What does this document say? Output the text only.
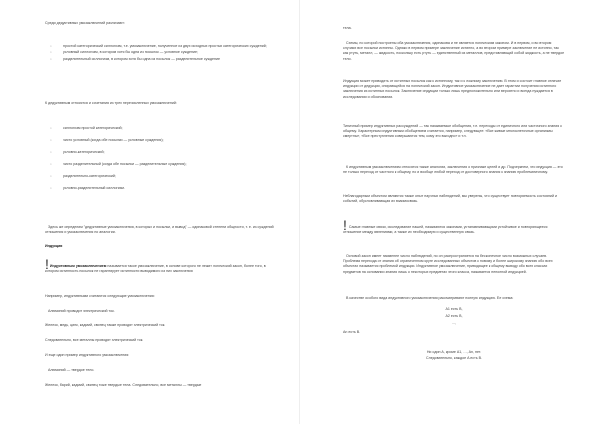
Среди дедуктивных умозаключений различают:

○ простой категорический силлогизм, т.е. умозаключение, полученное из двух исходных простых категорических суждений;
○ условный силлогизм, в котором хотя бы одна из посылок — условное суждение;
○ разделительный силлогизм, в котором хотя бы одна из посылок — разделительное суждение

К дедуктивным относятся и сочетания из трех перечисленных умозаключений:

○ силлогизм простой категорический;
○ чисто условный (когда обе посылки — условные суждения);
○ условно-категорический;
○ чисто разделительный (когда обе посылки — разделительные суждения);
○ разделительно-категорический;
○ условно-разделительный силлогизм.

Здесь же определим "дедуктивные умозаключения, в которых и посылки, и вывод" — одинаковой степени общности, т. е. из суждений отношения и умозаключения по аналогии.

Индукция

!Индуктивным умозаключением называется такое умозаключение, в основе которого не лежит логический закон, более того, в котором истинность посылок не гарантирует истинности выводимого из них заключения

Например, индуктивными считаются следующие умозаключения:

Алюминий проводит электрический ток.

Железо, медь, цинк, кадмий, свинец также проводят электрический ток.

Следовательно, все металлы проводят электрический ток.

И еще один пример индуктивного умозаключения:

Алюминий — твердое тело.

Железо, барий, кадмий, свинец тоже твердые тела. Следовательно, все металлы — твердые

тела.

Схемы, по которой построены оба умозаключения, одинакова и не является логическим законом. И в первом, и во втором случаях все посылки истинны. Однако в первом примере заключение истинно, а во втором примере заключение не истинно, так как ртуть, металл, — жидкость, поскольку есть ртуть — единственный из металлов, представляющий собой жидкость, а не твердое тело.

Индукция может приводить от истинных посылок как к истинному, так и к ложному заключению. В этом и состоит главное отличие индукции от дедукции, опирающейся на логический закон. Индуктивное умозаключение не дает гарантии получения истинного заключения из истинных посылок. Заключение индукции только лишь предположительно или вероятно и всегда нуждается в исследовании и обосновании.

Типичный пример индуктивных рассуждений — так называемые обобщения, т.е. переходы от единичного или частичного знания к общему. Характерным индуктивным обобщением считается, например, следующее: «Все живые многоклеточные организмы смертны», «Все преступления совершаются тем, кому это выгодно» и т.п.

К индуктивным умозаключениям относятся также аналогии, заключения о признаке целей и др. Подчеркнем, что индукция — это не только переход от частного к общему, но и вообще любой переход от достоверного знания к знанию проблематичному.

Неблагодарным объектом являются также опыт научных наблюдений, мы уверены, что существует повторяемость состояний и событий, обусловливающая их взаимосвязь.

! Самые главные связи, исследование нашей, называются законами, устанавливающими устойчивое и повторяющееся отношение между явлениями, а также их необходимую и существенную связь.

Основой закон имеет наименее число наблюдений, но он распространяется на бесконечное число возможных случаев. Проблема перехода от знания об ограниченном круге исследованных объектов к новому и более широкому знанию обо всех объектах называется проблемой индукции. Индуктивное умозаключение, приводящее к общему выводу обо всех классах предметов на основании знания лишь о некоторых предметах этого класса, называется неполной индукцией.

В качестве особого вида индуктивного умозаключения рассматривают полную индукцию. Ее схема:

A1 есть B,

A2 есть B,

…,

An есть B.

Ни один A, кроме A1, …, An, нет.

Следовательно, каждое A есть B.
